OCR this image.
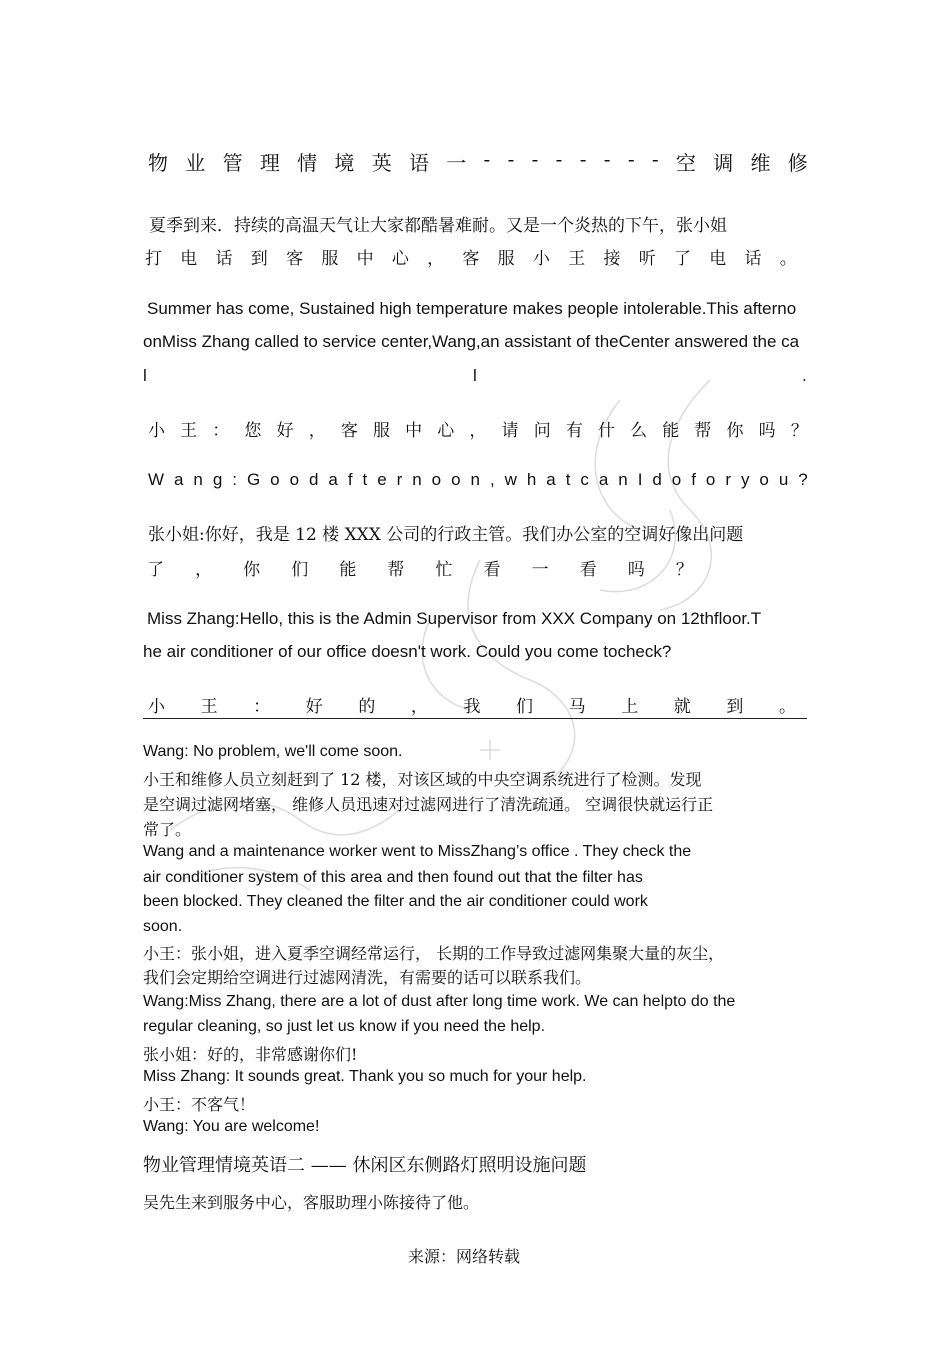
物 业 管 理 情 境 英 语 一 - - - - - - - - 空 调 维 修
夏季到来．持续的高温天气让大家都酷暑难耐。又是一个炎热的下午，张小姐
打 电 话 到 客 服 中 心 ， 客 服 小 王 接 听 了 电 话 。
Summer has come, Sustained high temperature makes people intolerable.This afterno
onMiss Zhang called to service center,Wang,an assistant of theCenter answered the ca
l	l	.
小 王 ： 您 好 ， 客 服 中 心 ， 请 问 有 什 么 能 帮 你 吗 ？
W a n g : G o o d a f t e r n o o n , w h a t c a n I d o f o r y o u ?
张小姐:你好，我是 12 楼 XXX 公司的行政主管。我们办公室的空调好像出问题
了 ， 你 们 能 帮 忙 看 一 看 吗 ？
Miss Zhang:Hello, this is the Admin Supervisor from XXX Company on 12thfloor.T
he air conditioner of our office doesn't work. Could you come tocheck?
小 王 ： 好 的 ， 我 们 马 上 就 到 。
Wang: No problem, we'll come soon.
小王和维修人员立刻赶到了 12 楼，对该区域的中央空调系统进行了检测。发现
是空调过滤网堵塞， 维修人员迅速对过滤网进行了清洗疏通。 空调很快就运行正
常了。
Wang and a maintenance worker went to MissZhang’s office . They check the
air conditioner system of this area and then found out that the filter has
been blocked. They cleaned the filter and the air conditioner could work
soon.
小王：张小姐，进入夏季空调经常运行， 长期的工作导致过滤网集聚大量的灰尘，
我们会定期给空调进行过滤网清洗，有需要的话可以联系我们。
Wang:Miss Zhang, there are a lot of dust after long time work. We can helpto do the
regular cleaning, so just let us know if you need the help.
张小姐：好的，非常感谢你们!
Miss Zhang: It sounds great. Thank you so much for your help.
小王：不客气！
Wang: You are welcome!
物业管理情境英语二 —— 休闲区东侧路灯照明设施问题
吴先生来到服务中心，客服助理小陈接待了他。
来源：网络转载
